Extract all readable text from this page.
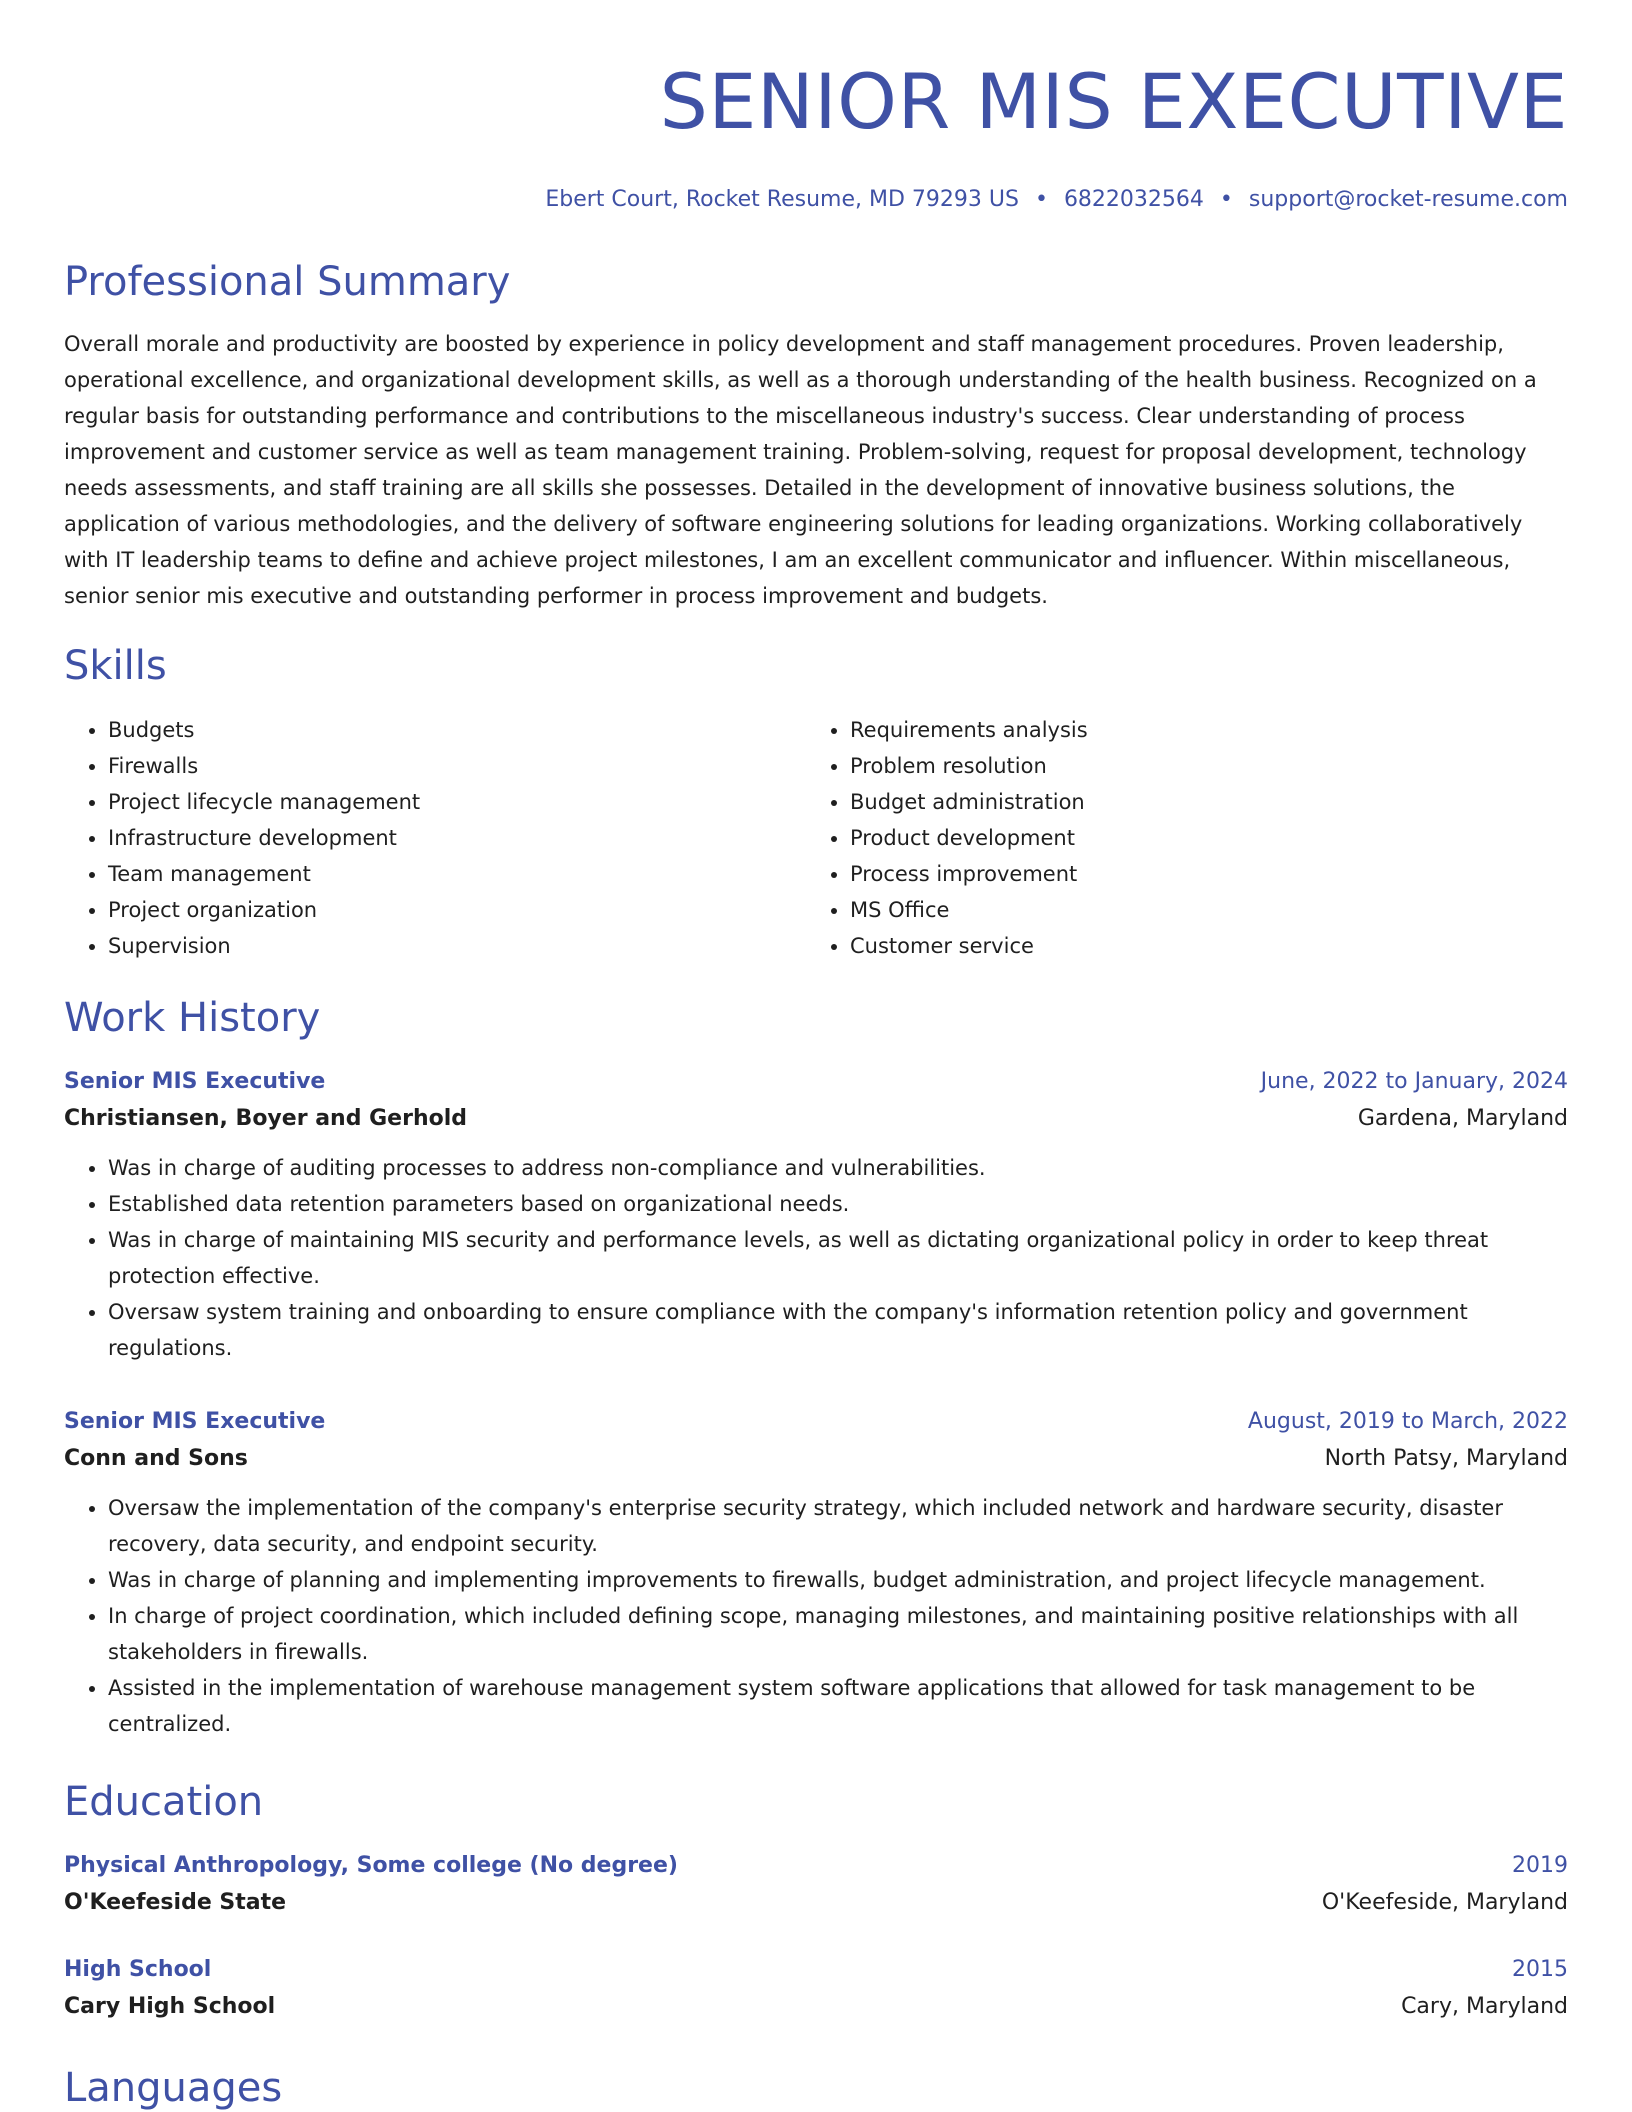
SENIOR MIS EXECUTIVE
Ebert Court, Rocket Resume, MD 79293 US • 6822032564 • support@rocket-resume.com
Professional Summary

Overall morale and productivity are boosted by experience in policy development and staff management procedures. Proven leadership, operational excellence, and organizational development skills, as well as a thorough understanding of the health business. Recognized on a regular basis for outstanding performance and contributions to the miscellaneous industry's success. Clear understanding of process improvement and customer service as well as team management training. Problem-solving, request for proposal development, technology needs assessments, and staff training are all skills she possesses. Detailed in the development of innovative business solutions, the application of various methodologies, and the delivery of software engineering solutions for leading organizations. Working collaboratively with IT leadership teams to define and achieve project milestones, I am an excellent communicator and influencer. Within miscellaneous, senior senior mis executive and outstanding performer in process improvement and budgets.

Skills
• Budgets
• Firewalls
• Project lifecycle management
• Infrastructure development
• Team management
• Project organization
• Supervision
• Requirements analysis
• Problem resolution
• Budget administration
• Product development
• Process improvement
• MS Office
• Customer service
Work History
Senior MIS Executive	June, 2022 to January, 2024
Christiansen, Boyer and Gerhold	Gardena, Maryland
• Was in charge of auditing processes to address non-compliance and vulnerabilities.
• Established data retention parameters based on organizational needs.
• Was in charge of maintaining MIS security and performance levels, as well as dictating organizational policy in order to keep threat protection effective.
• Oversaw system training and onboarding to ensure compliance with the company's information retention policy and government regulations.
Senior MIS Executive	August, 2019 to March, 2022
Conn and Sons	North Patsy, Maryland
• Oversaw the implementation of the company's enterprise security strategy, which included network and hardware security, disaster recovery, data security, and endpoint security.
• Was in charge of planning and implementing improvements to firewalls, budget administration, and project lifecycle management.
• In charge of project coordination, which included defining scope, managing milestones, and maintaining positive relationships with all stakeholders in firewalls.
• Assisted in the implementation of warehouse management system software applications that allowed for task management to be centralized.
Education
Physical Anthropology, Some college (No degree)	2019
O'Keefeside State	O'Keefeside, Maryland
High School	2015
Cary High School	Cary, Maryland
Languages
